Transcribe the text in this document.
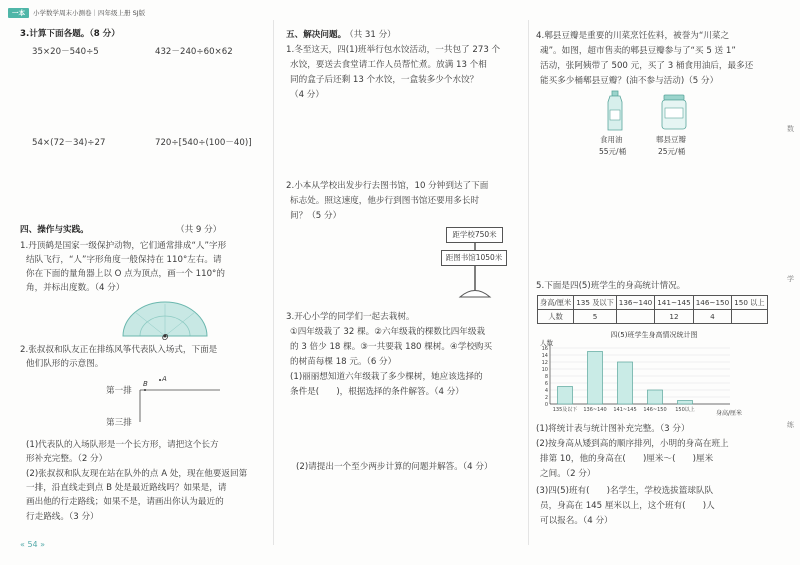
一本	小学数学周末小测卷｜四年级上册 SJ版
3.计算下面各题。（8 分）
35×20－540÷5	432－240÷60×62
54×(72－34)÷27	720÷[540÷(100－40)]
四、操作与实践。	（共 9 分）
1.丹顶鹤是国家一级保护动物，它们通常排成“人”字形
结队飞行，“人”字形角度一般保持在 110°左右。请
你在下面的量角器上以 O 点为顶点，画一个 110°的
角，并标出度数。（4 分）
O
2.张叔叔和队友正在排练风筝代表队入场式，下面是
他们队形的示意图。
第一排
第三排
A
B
(1)代表队的入场队形是一个长方形，请把这个长方
形补充完整。（2 分）
(2)张叔叔和队友现在站在队外的点 A 处，现在他要返回第
一排，沿直线走到点 B 处是最近路线吗？如果是，请
画出他的行走路线；如果不是，请画出你认为最近的
行走路线。（3 分）
« 54 »
五、解决问题。
（共 31 分）
1.冬至这天，四(1)班举行包水饺活动，一共包了 273 个
水饺，要送去食堂请工作人员帮忙煮。放满 13 个相
同的盒子后还剩 13 个水饺，一盒装多少个水饺？
（4 分）
2.小本从学校出发步行去图书馆，10 分钟到达了下面
标志处。照这速度，他步行到图书馆还要用多长时
间？（5 分）
距学校750米
距图书馆1050米
3.开心小学的同学们一起去栽树。
①四年级栽了 32 棵。②六年级栽的棵数比四年级栽
的 3 倍少 18 棵。③一共要栽 180 棵树。④学校购买
的树苗每棵 18 元。（6 分）
(1)丽丽想知道六年级栽了多少棵树，她应该选择的
条件是(　　)，根据选择的条件解答。（4 分）
(2)请提出一个至少两步计算的问题并解答。（4 分）
4.郫县豆瓣是重要的川菜烹饪佐料，被誉为“川菜之
魂”。如图，超市售卖的郫县豆瓣参与了“买 5 送 1”
活动，张阿姨带了 500 元，买了 3 桶食用油后，最多还
能买多少桶郫县豆瓣？(油不参与活动)（5 分）
食用油
55元/桶
郫县豆瓣
25元/桶
5.下面是四(5)班学生的身高统计情况。
身高/厘米	135 及以下	136~140	141~145	146~150	150 以上
人数	5		12	4	
四(5)班学生身高情况统计图
人数
0
2
4
6
8
10
12
14
16
135及以下 136~140 141~145 146~150 150以上	身高/厘米
(1)将统计表与统计图补充完整。（3 分）
(2)按身高从矮到高的顺序排列，小明的身高在班上
排第 10，他的身高在(　　)厘米～(　　)厘米
之间。（2 分）
(3)四(5)班有(　　)名学生，学校选拔篮球队队
员，身高在 145 厘米以上，这个班有(　　)人
可以报名。（4 分）
数
学
练
